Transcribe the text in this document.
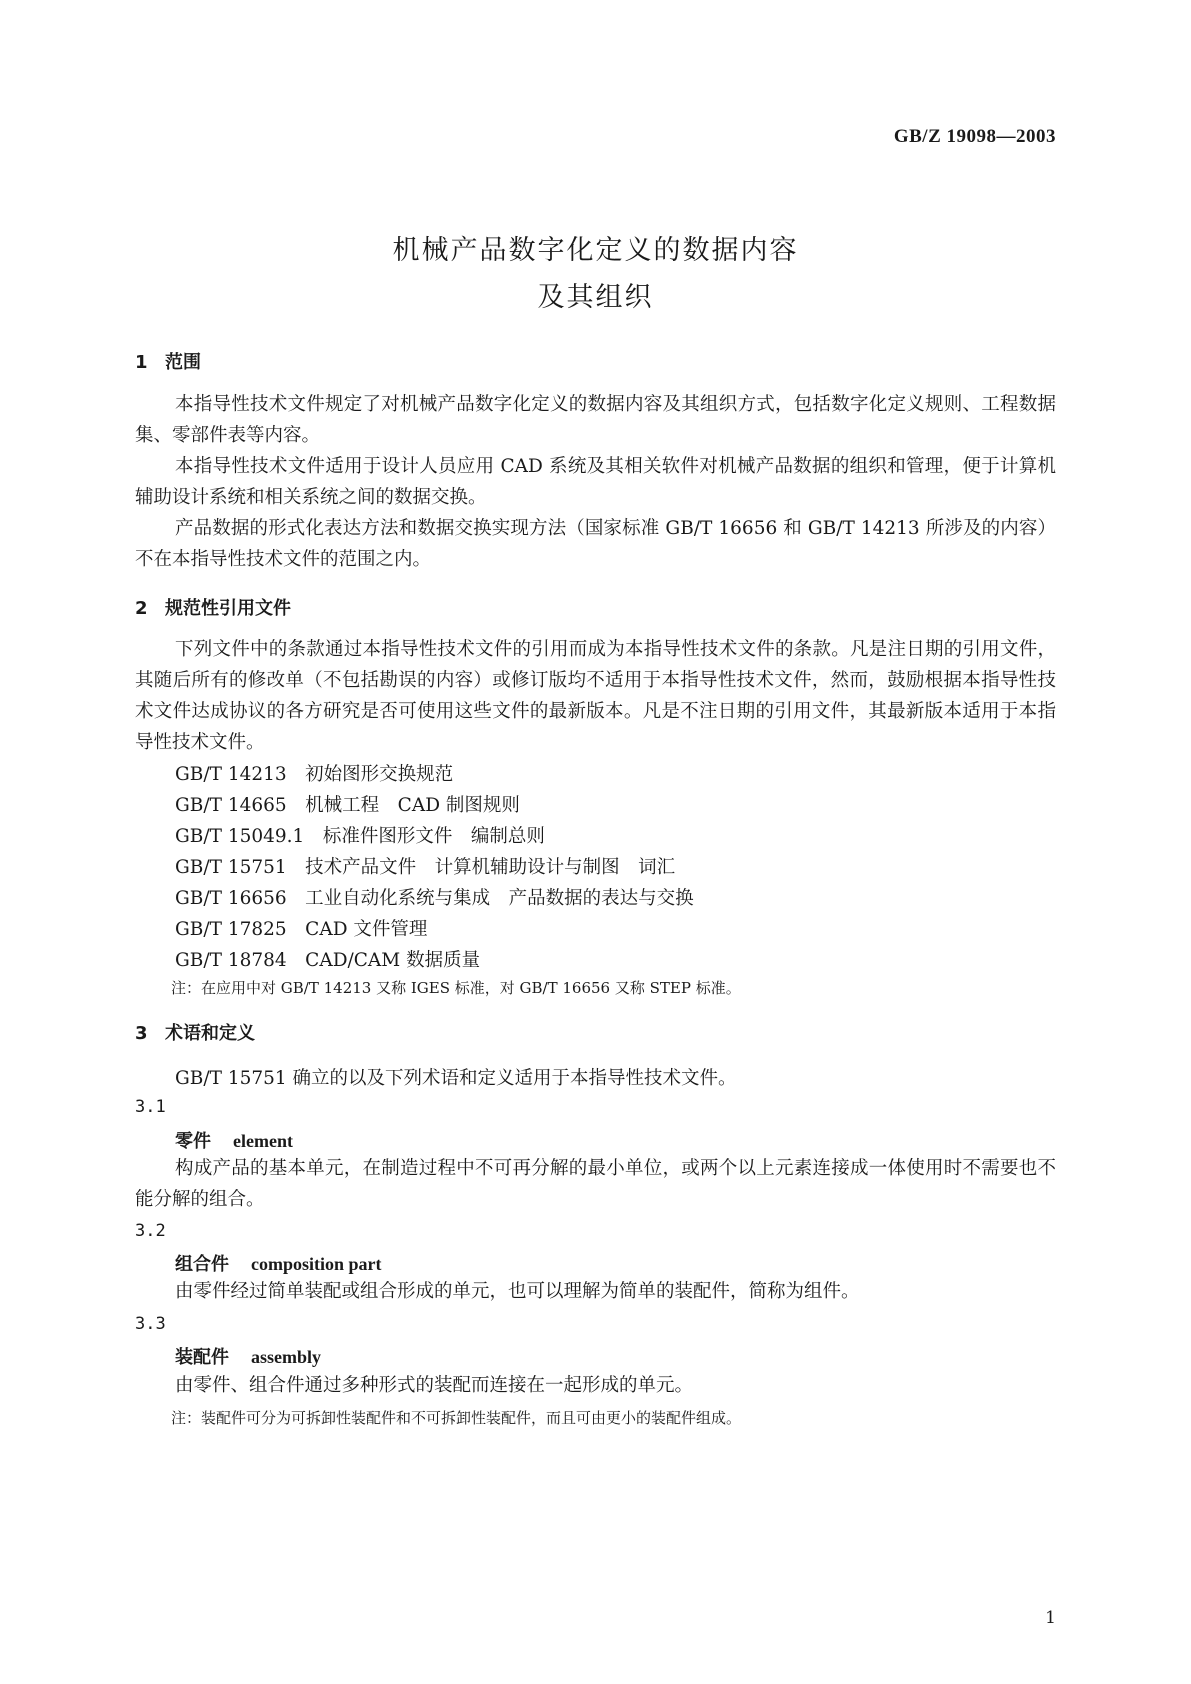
GB/Z 19098—2003
机械产品数字化定义的数据内容
及其组织
1 范围

本指导性技术文件规定了对机械产品数字化定义的数据内容及其组织方式，包括数字化定义规则、工程数据集、零部件表等内容。

本指导性技术文件适用于设计人员应用 CAD 系统及其相关软件对机械产品数据的组织和管理，便于计算机辅助设计系统和相关系统之间的数据交换。

产品数据的形式化表达方法和数据交换实现方法（国家标准 GB/T 16656 和 GB/T 14213 所涉及的内容）不在本指导性技术文件的范围之内。

2 规范性引用文件

下列文件中的条款通过本指导性技术文件的引用而成为本指导性技术文件的条款。凡是注日期的引用文件，其随后所有的修改单（不包括勘误的内容）或修订版均不适用于本指导性技术文件，然而，鼓励根据本指导性技术文件达成协议的各方研究是否可使用这些文件的最新版本。凡是不注日期的引用文件，其最新版本适用于本指导性技术文件。

GB/T 14213　初始图形交换规范
GB/T 14665　机械工程　CAD 制图规则
GB/T 15049.1　标准件图形文件　编制总则
GB/T 15751　技术产品文件　计算机辅助设计与制图　词汇
GB/T 16656　工业自动化系统与集成　产品数据的表达与交换
GB/T 17825　CAD 文件管理
GB/T 18784　CAD/CAM 数据质量
注：在应用中对 GB/T 14213 又称 IGES 标准，对 GB/T 16656 又称 STEP 标准。
3 术语和定义
GB/T 15751 确立的以及下列术语和定义适用于本指导性技术文件。
3.1
零件 element

构成产品的基本单元，在制造过程中不可再分解的最小单位，或两个以上元素连接成一体使用时不需要也不能分解的组合。

3.2
组合件 composition part

由零件经过简单装配或组合形成的单元，也可以理解为简单的装配件，简称为组件。

3.3
装配件 assembly

由零件、组合件通过多种形式的装配而连接在一起形成的单元。

注：装配件可分为可拆卸性装配件和不可拆卸性装配件，而且可由更小的装配件组成。
1
